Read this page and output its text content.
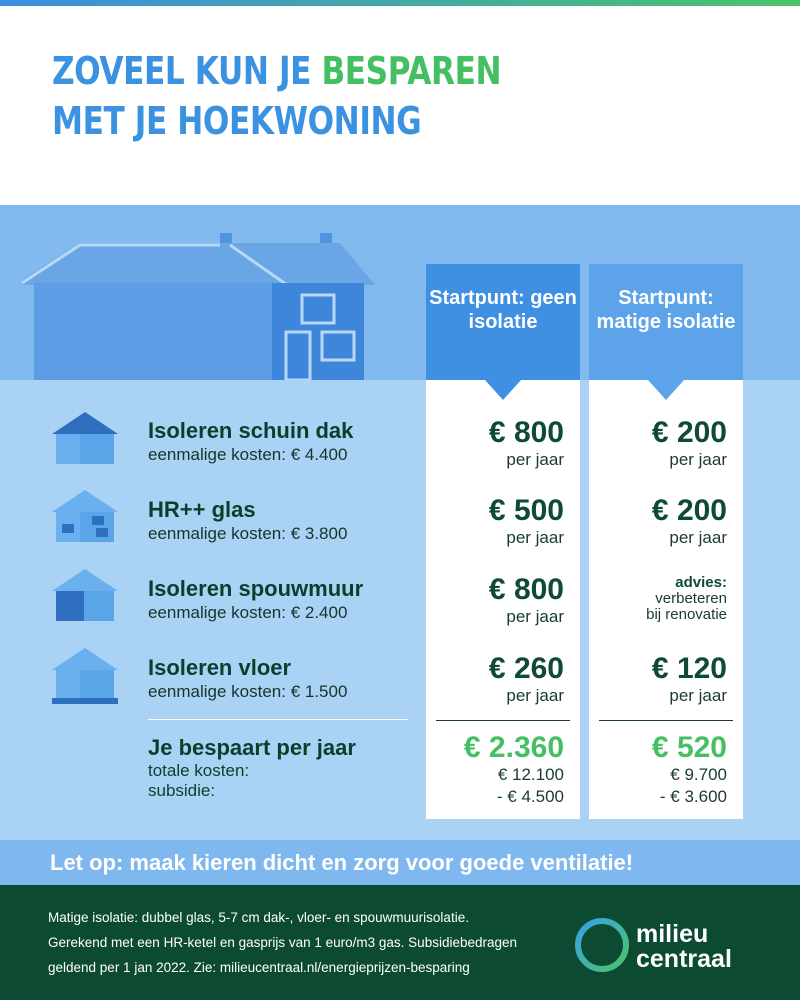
ZOVEEL KUN JE BESPAREN
MET JE HOEKWONING
Startpunt: geen isolatie
€ 800
per jaar
€ 500
per jaar
€ 800
per jaar
€ 260
per jaar
€ 2.360
€ 12.100
- € 4.500
Startpunt: matige isolatie
€ 200
per jaar
€ 200
per jaar
advies:
verbeteren
bij renovatie
€ 120
per jaar
€ 520
€ 9.700
- € 3.600
Isoleren schuin dak
eenmalige kosten: € 4.400
HR++ glas
eenmalige kosten: € 3.800
Isoleren spouwmuur
eenmalige kosten: € 2.400
Isoleren vloer
eenmalige kosten: € 1.500
Je bespaart per jaar
totale kosten:
subsidie:
Let op: maak kieren dicht en zorg voor goede ventilatie!
Matige isolatie: dubbel glas, 5-7 cm dak-, vloer- en spouwmuurisolatie.
Gerekend met een HR-ketel en gasprijs van 1 euro/m3 gas. Subsidiebedragen
geldend per 1 jan 2022. Zie: milieucentraal.nl/energieprijzen-besparing
milieu
centraal
